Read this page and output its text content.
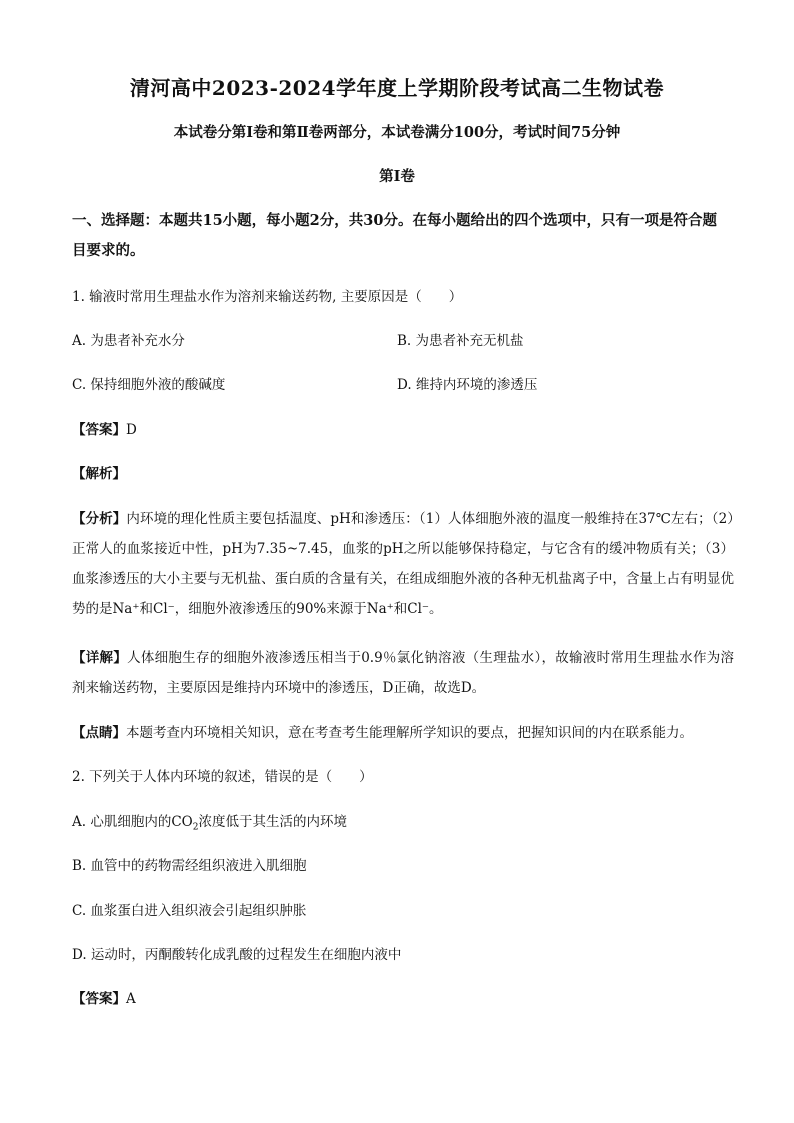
清河高中2023-2024学年度上学期阶段考试高二生物试卷
本试卷分第Ⅰ卷和第Ⅱ卷两部分，本试卷满分100分，考试时间75分钟
第Ⅰ卷
一、选择题：本题共15小题，每小题2分，共30分。在每小题给出的四个选项中，只有一项是符合题目要求的。
1. 输液时常用生理盐水作为溶剂来输送药物, 主要原因是（　　）
A. 为患者补充水分	B. 为患者补充无机盐
C. 保持细胞外液的酸碱度	D. 维持内环境的渗透压
【答案】D
【解析】
【分析】内环境的理化性质主要包括温度、pH和渗透压：（1）人体细胞外液的温度一般维持在37℃左右；（2）正常人的血浆接近中性，pH为7.35~7.45，血浆的pH之所以能够保持稳定，与它含有的缓冲物质有关；（3）血浆渗透压的大小主要与无机盐、蛋白质的含量有关，在组成细胞外液的各种无机盐离子中，含量上占有明显优势的是Na⁺和Cl⁻，细胞外液渗透压的90%来源于Na⁺和Cl⁻。
【详解】人体细胞生存的细胞外液渗透压相当于0.9％氯化钠溶液（生理盐水），故输液时常用生理盐水作为溶剂来输送药物，主要原因是维持内环境中的渗透压，D正确，故选D。
【点睛】本题考查内环境相关知识，意在考查考生能理解所学知识的要点，把握知识间的内在联系能力。
2. 下列关于人体内环境的叙述，错误的是（　　）
A. 心肌细胞内的$CO_2$浓度低于其生活的内环境
B. 血管中的药物需经组织液进入肌细胞
C. 血浆蛋白进入组织液会引起组织肿胀
D. 运动时，丙酮酸转化成乳酸的过程发生在细胞内液中
【答案】A
